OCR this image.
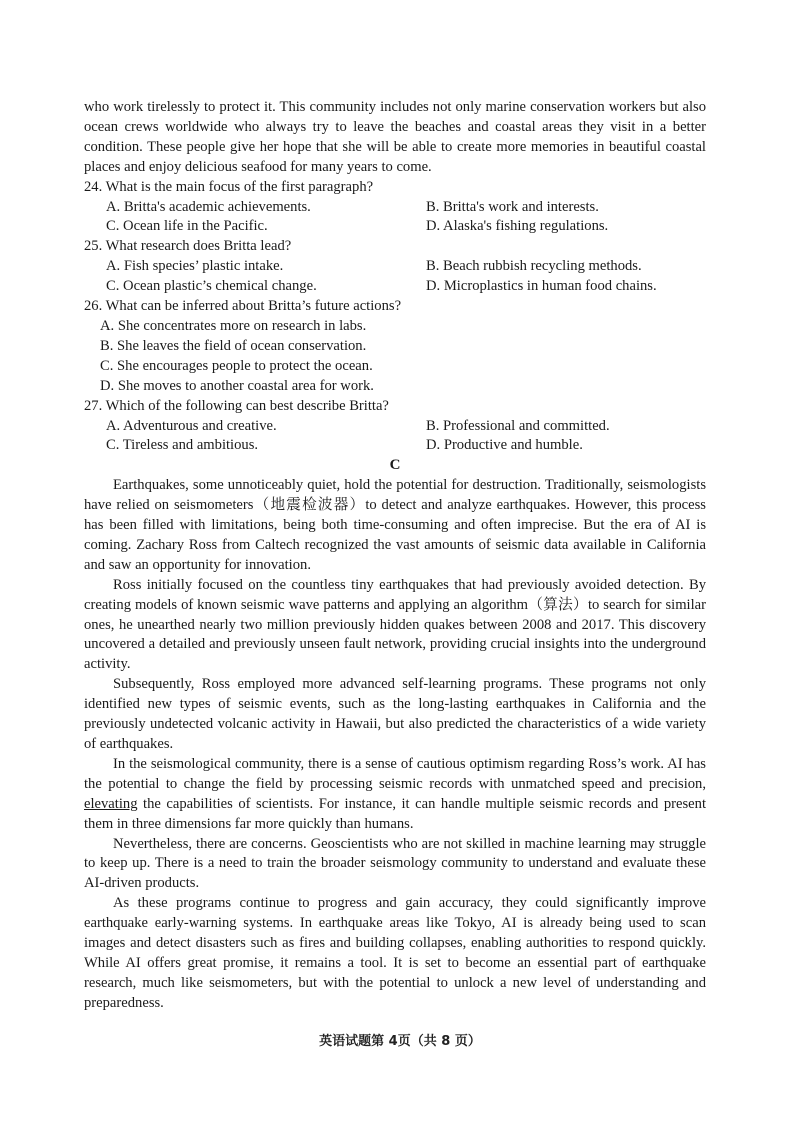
who work tirelessly to protect it. This community includes not only marine conservation workers but also ocean crews worldwide who always try to leave the beaches and coastal areas they visit in a better condition. These people give her hope that she will be able to create more memories in beautiful coastal places and enjoy delicious seafood for many years to come.

24. What is the main focus of the first paragraph?

A. Britta's academic achievements.	B. Britta's work and interests.

C. Ocean life in the Pacific.	D. Alaska's fishing regulations.

25. What research does Britta lead?

A. Fish species’ plastic intake.	B. Beach rubbish recycling methods.

C. Ocean plastic’s chemical change.	D. Microplastics in human food chains.

26. What can be inferred about Britta’s future actions?

A. She concentrates more on research in labs.

B. She leaves the field of ocean conservation.

C. She encourages people to protect the ocean.

D. She moves to another coastal area for work.

27. Which of the following can best describe Britta?

A. Adventurous and creative.	B. Professional and committed.

C. Tireless and ambitious.	D. Productive and humble.

C

Earthquakes, some unnoticeably quiet, hold the potential for destruction. Traditionally, seismologists have relied on seismometers（地震检波器）to detect and analyze earthquakes. However, this process has been filled with limitations, being both time-consuming and often imprecise. But the era of AI is coming. Zachary Ross from Caltech recognized the vast amounts of seismic data available in California and saw an opportunity for innovation.

Ross initially focused on the countless tiny earthquakes that had previously avoided detection. By creating models of known seismic wave patterns and applying an algorithm（算法）to search for similar ones, he unearthed nearly two million previously hidden quakes between 2008 and 2017. This discovery uncovered a detailed and previously unseen fault network, providing crucial insights into the underground activity.

Subsequently, Ross employed more advanced self-learning programs. These programs not only identified new types of seismic events, such as the long-lasting earthquakes in California and the previously undetected volcanic activity in Hawaii, but also predicted the characteristics of a wide variety of earthquakes.

In the seismological community, there is a sense of cautious optimism regarding Ross’s work. AI has the potential to change the field by processing seismic records with unmatched speed and precision, elevating the capabilities of scientists. For instance, it can handle multiple seismic records and present them in three dimensions far more quickly than humans.

Nevertheless, there are concerns. Geoscientists who are not skilled in machine learning may struggle to keep up. There is a need to train the broader seismology community to understand and evaluate these AI-driven products.

As these programs continue to progress and gain accuracy, they could significantly improve earthquake early-warning systems. In earthquake areas like Tokyo, AI is already being used to scan images and detect disasters such as fires and building collapses, enabling authorities to respond quickly. While AI offers great promise, it remains a tool. It is set to become an essential part of earthquake research, much like seismometers, but with the potential to unlock a new level of understanding and preparedness.

英语试题第 4页（共 8 页）
